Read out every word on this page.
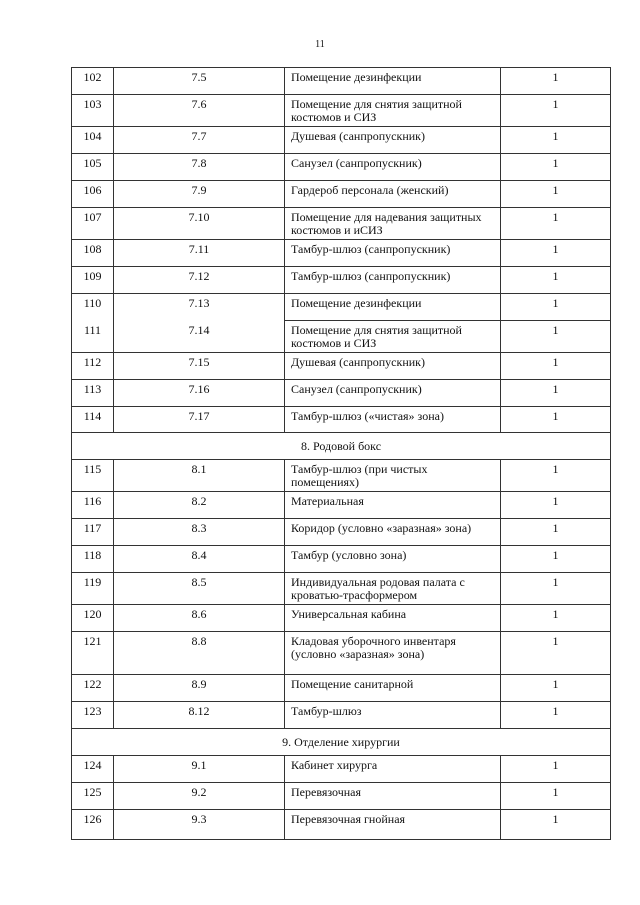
11
102	7.5	Помещение дезинфекции	1
103	7.6	Помещение для снятия защитной костюмов и СИЗ	1
104	7.7	Душевая (санпропускник)	1
105	7.8	Санузел (санпропускник)	1
106	7.9	Гардероб персонала (женский)	1
107	7.10	Помещение для надевания защитных костюмов и иСИЗ	1
108	7.11	Тамбур-шлюз (санпропускник)	1
109	7.12	Тамбур-шлюз (санпропускник)	1
110	7.13	Помещение дезинфекции	1
111	7.14	Помещение для снятия защитной костюмов и СИЗ	1
112	7.15	Душевая (санпропускник)	1
113	7.16	Санузел (санпропускник)	1
114	7.17	Тамбур-шлюз («чистая» зона)	1
8. Родовой бокс			
115	8.1	Тамбур-шлюз (при чистых помещениях)	1
116	8.2	Материальная	1
117	8.3	Коридор (условно «заразная» зона)	1
118	8.4	Тамбур (условно зона)	1
119	8.5	Индивидуальная родовая палата с кроватью-трасформером	1
120	8.6	Универсальная кабина	1
121	8.8	Кладовая уборочного инвентаря (условно «заразная» зона)	1
122	8.9	Помещение санитарной	1
123	8.12	Тамбур-шлюз	1
9. Отделение хирургии			
124	9.1	Кабинет хирурга	1
125	9.2	Перевязочная	1
126	9.3	Перевязочная гнойная	1
